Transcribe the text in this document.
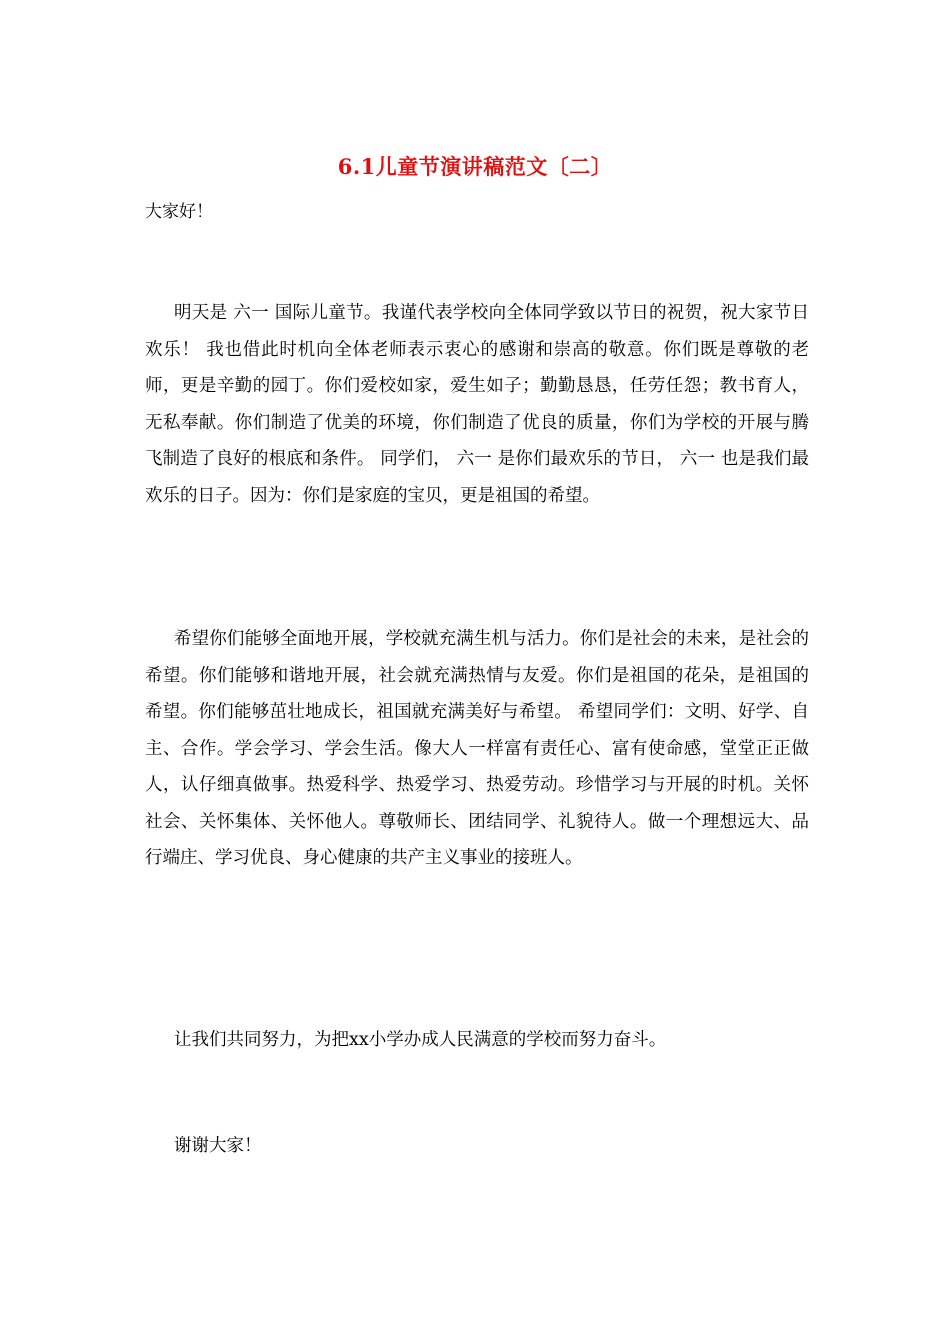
6.1儿童节演讲稿范文〔二〕

大家好！

明天是 六一 国际儿童节。我谨代表学校向全体同学致以节日的祝贺，祝大家节日欢乐！ 我也借此时机向全体老师表示衷心的感谢和崇高的敬意。你们既是尊敬的老师，更是辛勤的园丁。你们爱校如家，爱生如子；勤勤恳恳，任劳任怨；教书育人，无私奉献。你们制造了优美的环境，你们制造了优良的质量，你们为学校的开展与腾飞制造了良好的根底和条件。 同学们， 六一 是你们最欢乐的节日， 六一 也是我们最欢乐的日子。因为：你们是家庭的宝贝，更是祖国的希望。

希望你们能够全面地开展，学校就充满生机与活力。你们是社会的未来，是社会的希望。你们能够和谐地开展，社会就充满热情与友爱。你们是祖国的花朵，是祖国的希望。你们能够茁壮地成长，祖国就充满美好与希望。 希望同学们：文明、好学、自主、合作。学会学习、学会生活。像大人一样富有责任心、富有使命感，堂堂正正做人，认仔细真做事。热爱科学、热爱学习、热爱劳动。珍惜学习与开展的时机。关怀社会、关怀集体、关怀他人。尊敬师长、团结同学、礼貌待人。做一个理想远大、品行端庄、学习优良、身心健康的共产主义事业的接班人。

让我们共同努力，为把xx小学办成人民满意的学校而努力奋斗。

谢谢大家！
